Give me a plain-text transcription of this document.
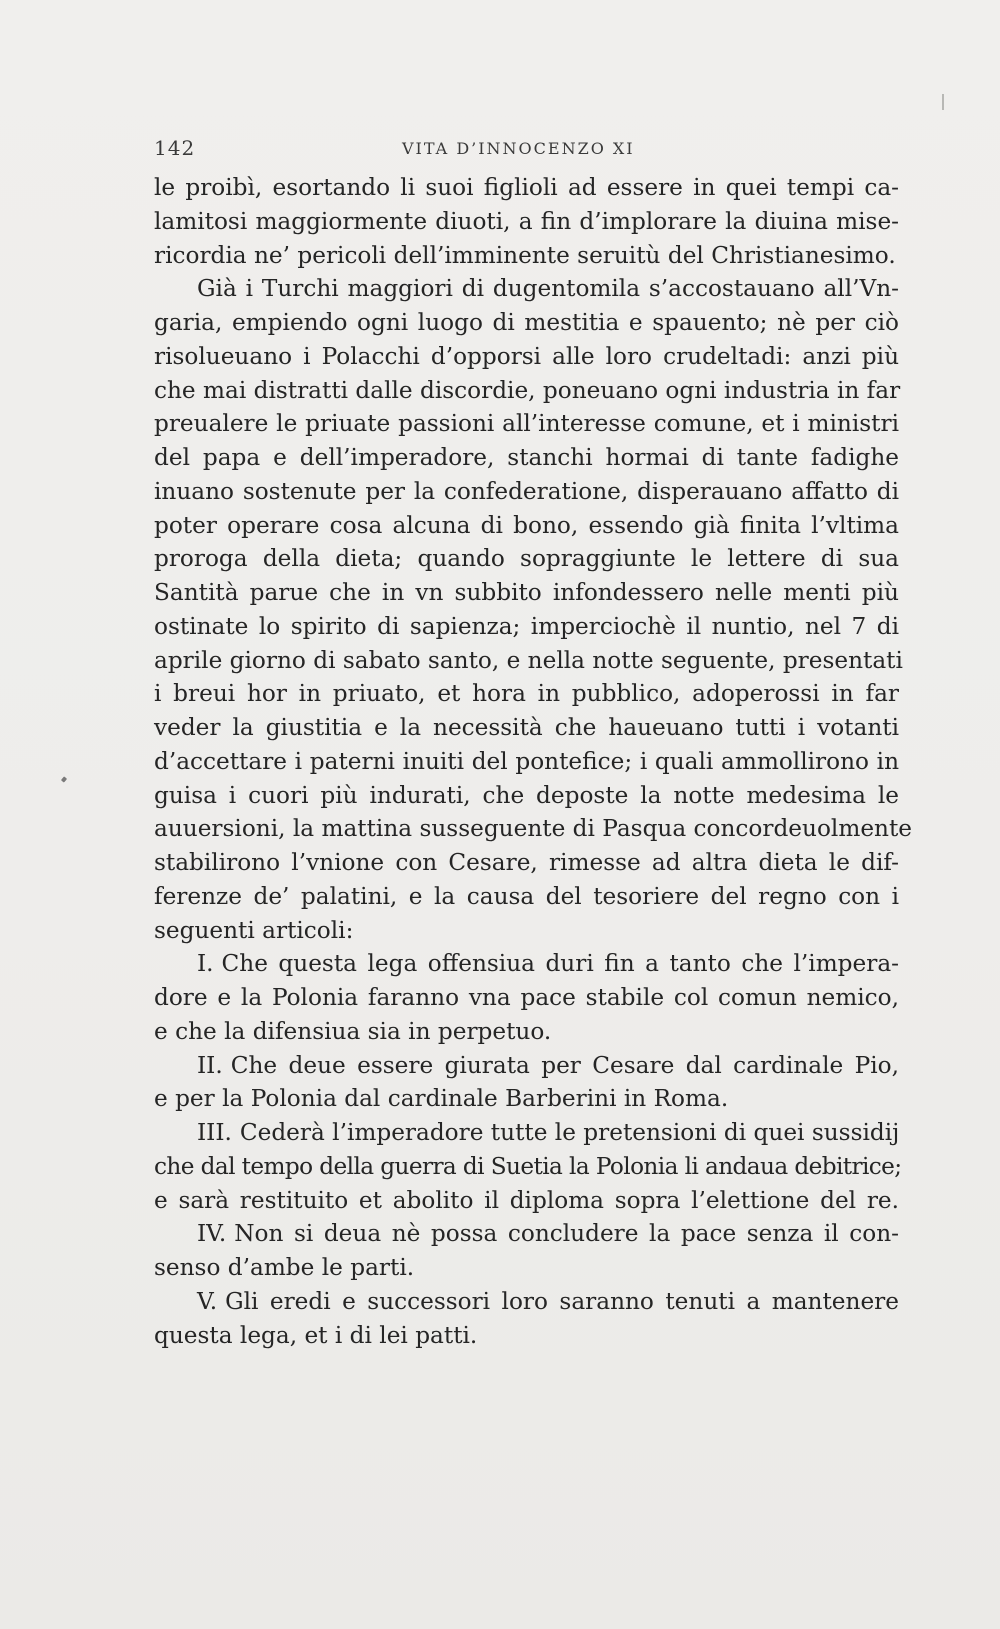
142	VITA D’INNOCENZO XI
le proibì, esortando li suoi figlioli ad essere in quei tempi ca-
lamitosi maggiormente diuoti, a fin d’implorare la diuina mise-
ricordia ne’ pericoli dell’imminente seruitù del Christianesimo.
Già i Turchi maggiori di dugentomila s’accostauano all’Vn-
garia, empiendo ogni luogo di mestitia e spauento; nè per ciò
risolueuano i Polacchi d’opporsi alle loro crudeltadi: anzi più
che mai distratti dalle discordie, poneuano ogni industria in far
preualere le priuate passioni all’interesse comune, et i ministri
del papa e dell’imperadore, stanchi hormai di tante fadighe
inuano sostenute per la confederatione, disperauano affatto di
poter operare cosa alcuna di bono, essendo già finita l’vltima
proroga della dieta; quando sopraggiunte le lettere di sua
Santità parue che in vn subbito infondessero nelle menti più
ostinate lo spirito di sapienza; imperciochè il nuntio, nel 7 di
aprile giorno di sabato santo, e nella notte seguente, presentati
i breui hor in priuato, et hora in pubblico, adoperossi in far
veder la giustitia e la necessità che haueuano tutti i votanti
d’accettare i paterni inuiti del pontefice; i quali ammollirono in
guisa i cuori più indurati, che deposte la notte medesima le
auuersioni, la mattina susseguente di Pasqua concordeuolmente
stabilirono l’vnione con Cesare, rimesse ad altra dieta le dif-
ferenze de’ palatini, e la causa del tesoriere del regno con i
seguenti articoli:
I. Che questa lega offensiua duri fin a tanto che l’impera-
dore e la Polonia faranno vna pace stabile col comun nemico,
e che la difensiua sia in perpetuo.
II. Che deue essere giurata per Cesare dal cardinale Pio,
e per la Polonia dal cardinale Barberini in Roma.
III. Cederà l’imperadore tutte le pretensioni di quei sussidij
che dal tempo della guerra di Suetia la Polonia li andaua debitrice;
e sarà restituito et abolito il diploma sopra l’elettione del re.
IV. Non si deua nè possa concludere la pace senza il con-
senso d’ambe le parti.
V. Gli eredi e successori loro saranno tenuti a mantenere
questa lega, et i di lei patti.
